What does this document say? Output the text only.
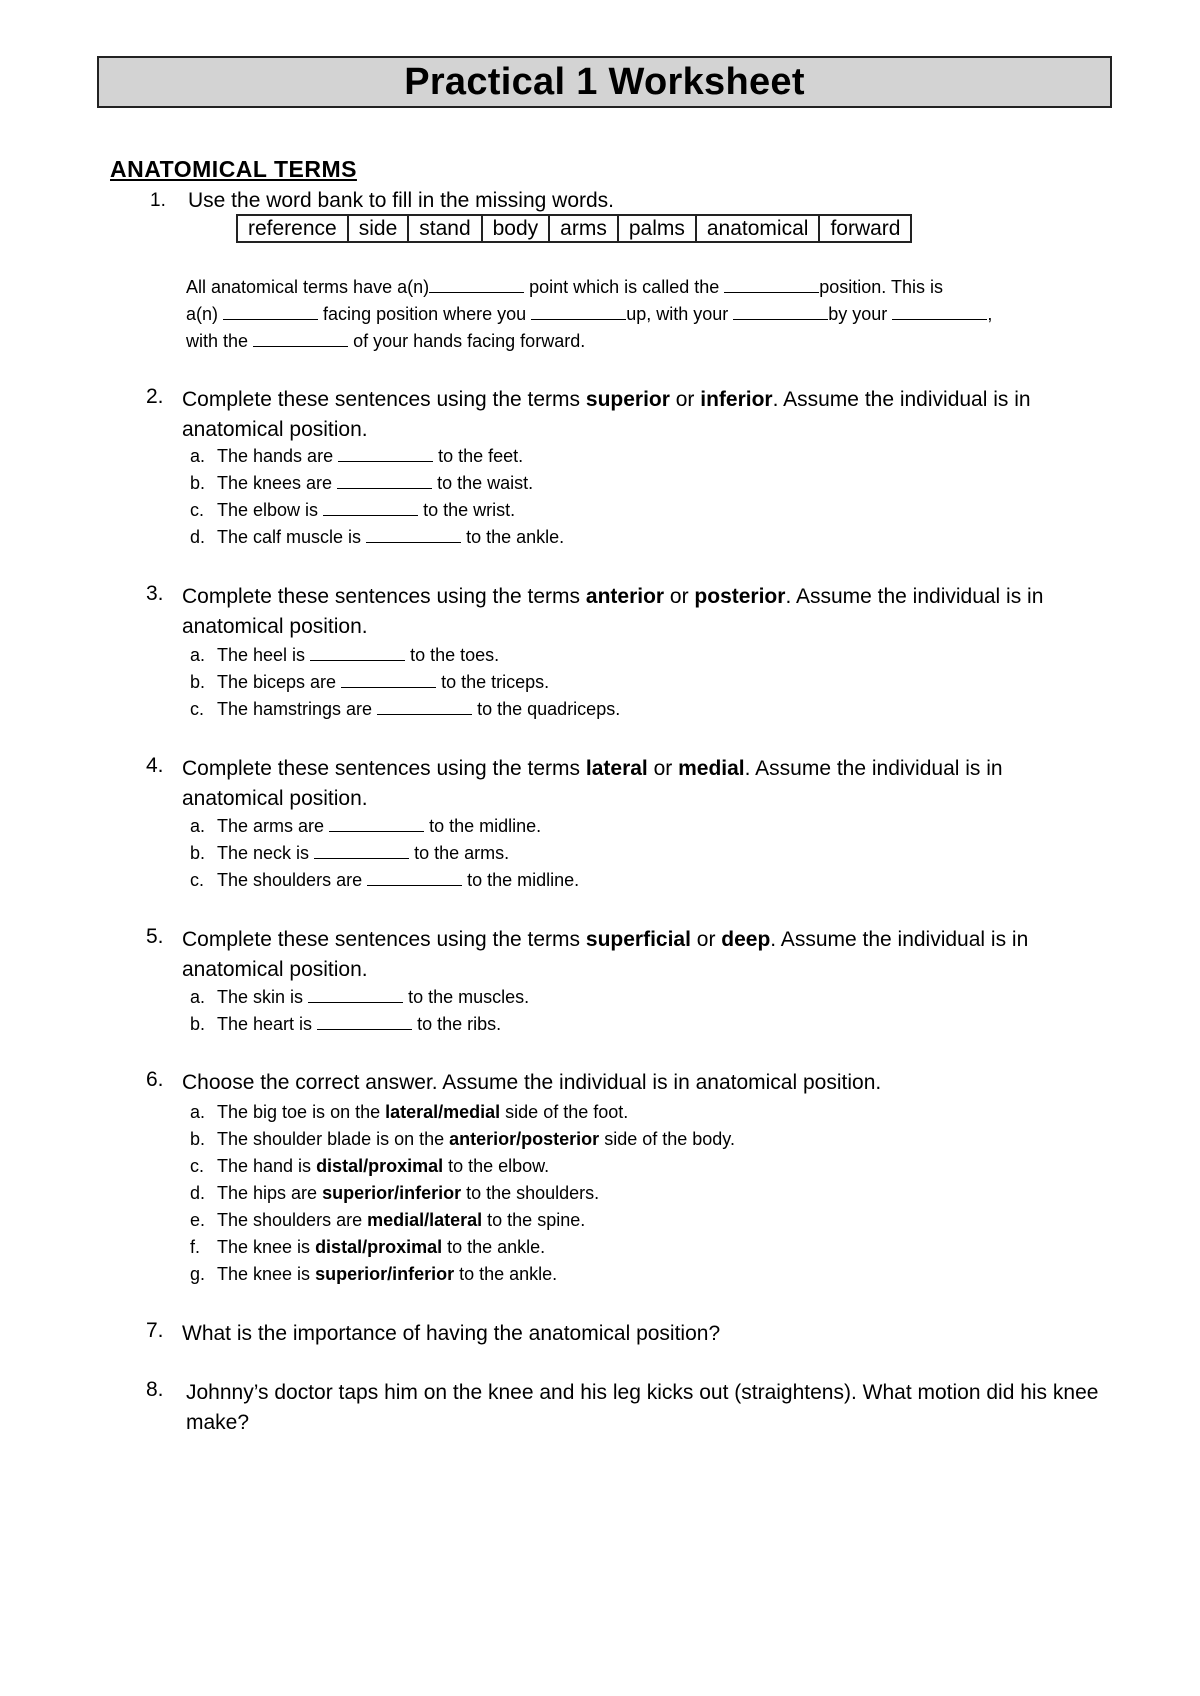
Practical 1 Worksheet
ANATOMICAL TERMS
1. Use the word bank to fill in the missing words.
reference	side	stand	body	arms	palms	anatomical	forward
All anatomical terms have a(n)	point which is called the	position. This is
a(n)	facing position where you	up, with your	by your	,
with the	of your hands facing forward.
2. Complete these sentences using the terms superior or inferior. Assume the individual is in anatomical position.
a. The hands are	to the feet.
b. The knees are	to the waist.
c. The elbow is	to the wrist.
d. The calf muscle is	to the ankle.
3. Complete these sentences using the terms anterior or posterior. Assume the individual is in anatomical position.
a. The heel is	to the toes.
b. The biceps are	to the triceps.
c. The hamstrings are	to the quadriceps.
4. Complete these sentences using the terms lateral or medial. Assume the individual is in anatomical position.
a. The arms are	to the midline.
b. The neck is	to the arms.
c. The shoulders are	to the midline.
5. Complete these sentences using the terms superficial or deep. Assume the individual is in anatomical position.
a. The skin is	to the muscles.
b. The heart is	to the ribs.
6. Choose the correct answer. Assume the individual is in anatomical position.
a. The big toe is on the lateral/medial side of the foot.
b. The shoulder blade is on the anterior/posterior side of the body.
c. The hand is distal/proximal to the elbow.
d. The hips are superior/inferior to the shoulders.
e. The shoulders are medial/lateral to the spine.
f. The knee is distal/proximal to the ankle.
g. The knee is superior/inferior to the ankle.
7. What is the importance of having the anatomical position?
8. Johnny’s doctor taps him on the knee and his leg kicks out (straightens). What motion did his knee make?
